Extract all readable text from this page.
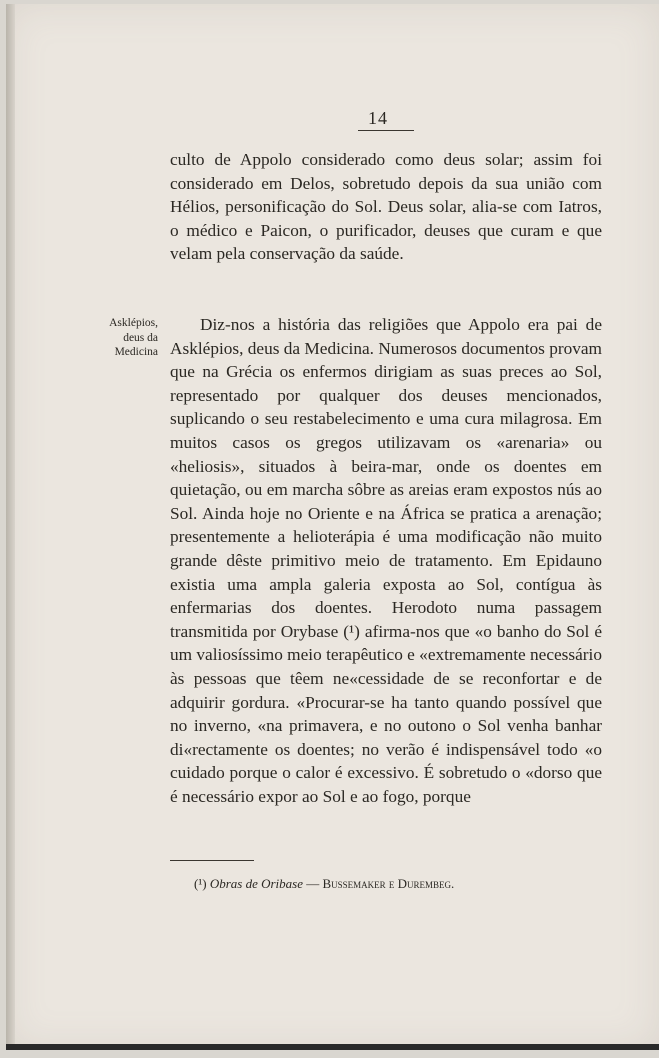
14

culto de Appolo considerado como deus solar; assim foi considerado em Delos, sobretudo depois da sua união com Hélios, personificação do Sol. Deus solar, alia-se com Iatros, o médico e Paicon, o purificador, deuses que curam e que velam pela conservação da saúde.

Asklépios,
deus da
Medicina

Diz-nos a história das religiões que Appolo era pai de Asklépios, deus da Medicina. Numerosos documentos provam que na Grécia os enfermos dirigiam as suas preces ao Sol, representado por qualquer dos deuses mencionados, suplicando o seu restabelecimento e uma cura milagrosa. Em muitos casos os gregos utilizavam os «arenaria» ou «heliosis», situados à beira-mar, onde os doentes em quietação, ou em marcha sôbre as areias eram expostos nús ao Sol. Ainda hoje no Oriente e na África se pratica a arenação; presentemente a helioterápia é uma modificação não muito grande dêste primitivo meio de tratamento. Em Epidauno existia uma ampla galeria exposta ao Sol, contígua às enfermarias dos doentes. Herodoto numa passagem transmitida por Orybase (¹) afirma-nos que «o banho do Sol é um valiosíssimo meio terapêutico e «extremamente necessário às pessoas que têem ne«cessidade de se reconfortar e de adquirir gordura. «Procurar-se ha tanto quando possível que no inverno, «na primavera, e no outono o Sol venha banhar di«rectamente os doentes; no verão é indispensável todo «o cuidado porque o calor é excessivo. É sobretudo o «dorso que é necessário expor ao Sol e ao fogo, porque

(¹) Obras de Oribase — Bussemaker e Durembeg.
